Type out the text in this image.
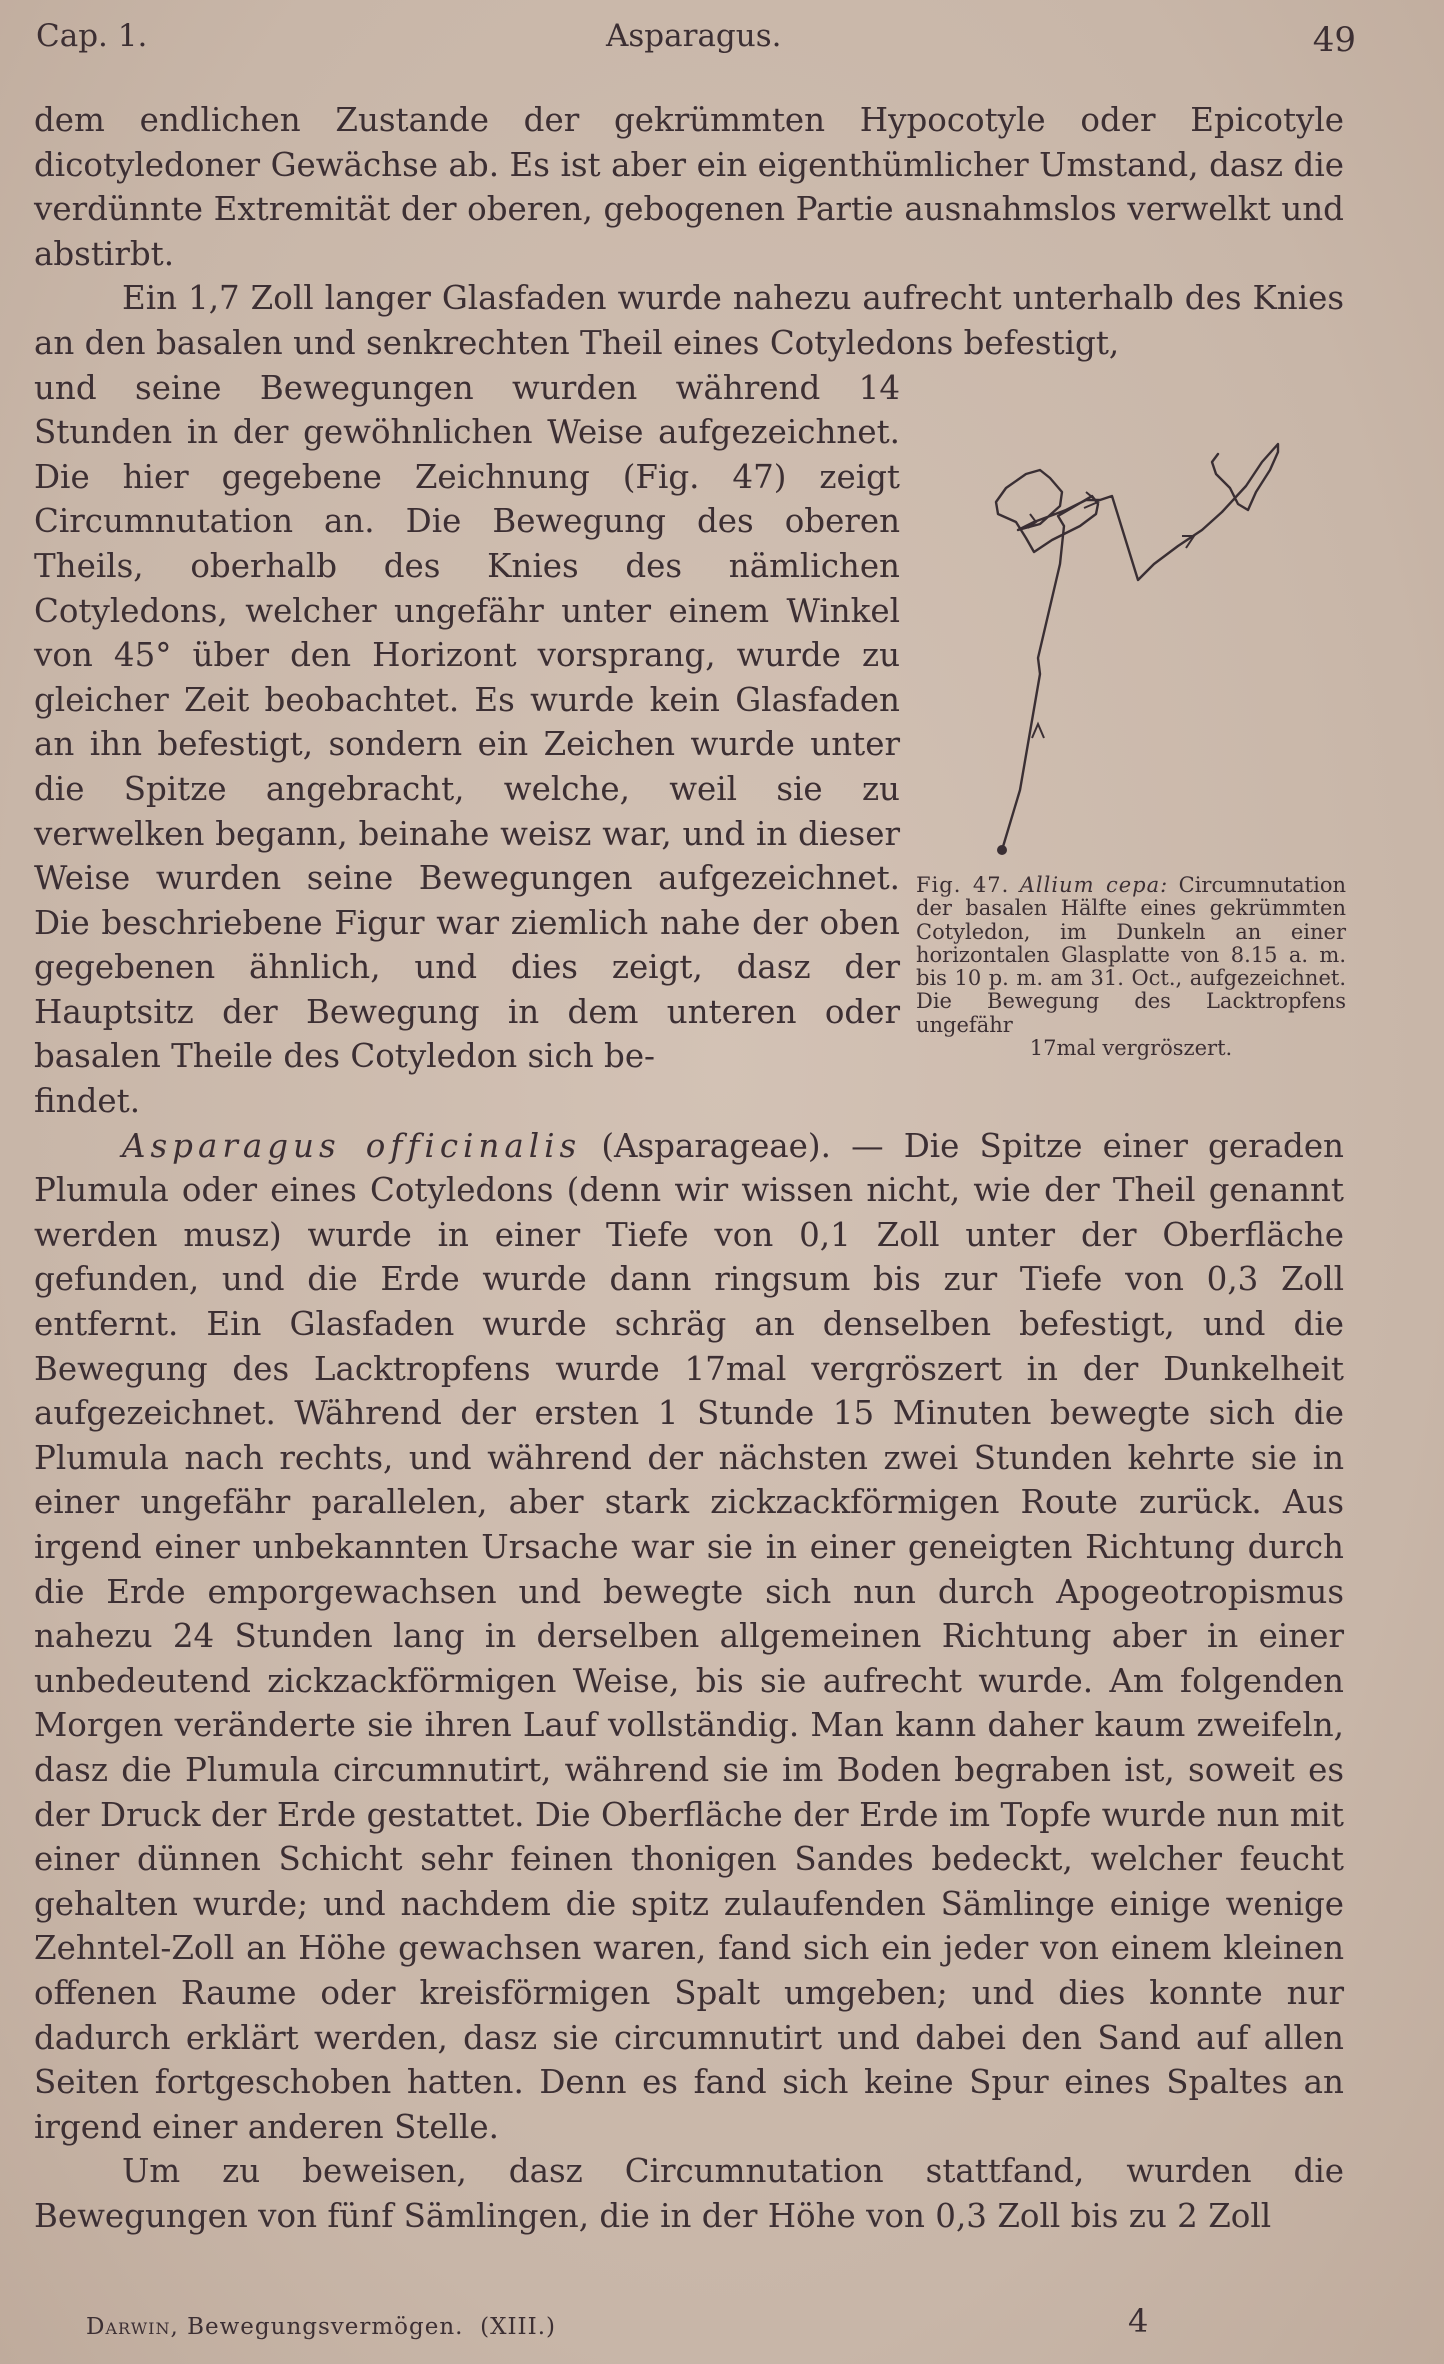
Cap. 1.	Asparagus.	49

dem endlichen Zustande der gekrümmten Hypocotyle oder Epicotyle dicotyledoner Gewächse ab. Es ist aber ein eigenthümlicher Umstand, dasz die verdünnte Extremität der oberen, gebogenen Partie ausnahmslos verwelkt und abstirbt.

Ein 1,7 Zoll langer Glasfaden wurde nahezu aufrecht unterhalb des Knies an den basalen und senkrechten Theil eines Cotyledons befestigt,

und seine Bewegungen wurden während 14 Stunden in der gewöhnlichen Weise aufgezeichnet. Die hier gegebene Zeichnung (Fig. 47) zeigt Circumnutation an. Die Bewegung des oberen Theils, oberhalb des Knies des nämlichen Cotyledons, welcher ungefähr unter einem Winkel von 45° über den Horizont vorsprang, wurde zu gleicher Zeit beobachtet. Es wurde kein Glasfaden an ihn befestigt, sondern ein Zeichen wurde unter die Spitze angebracht, welche, weil sie zu verwelken begann, beinahe weisz war, und in dieser Weise wurden seine Bewegungen aufgezeichnet. Die beschriebene Figur war ziemlich nahe der oben gegebenen ähnlich, und dies zeigt, dasz der Hauptsitz der Bewegung in dem unteren oder basalen Theile des Cotyledon sich be-

findet.

Asparagus officinalis (Asparageae). — Die Spitze einer geraden Plumula oder eines Cotyledons (denn wir wissen nicht, wie der Theil genannt werden musz) wurde in einer Tiefe von 0,1 Zoll unter der Oberfläche gefunden, und die Erde wurde dann ringsum bis zur Tiefe von 0,3 Zoll entfernt. Ein Glasfaden wurde schräg an denselben befestigt, und die Bewegung des Lacktropfens wurde 17mal vergröszert in der Dunkelheit aufgezeichnet. Während der ersten 1 Stunde 15 Minuten bewegte sich die Plumula nach rechts, und während der nächsten zwei Stunden kehrte sie in einer ungefähr parallelen, aber stark zickzackförmigen Route zurück. Aus irgend einer unbekannten Ursache war sie in einer geneigten Richtung durch die Erde emporgewachsen und bewegte sich nun durch Apogeotropismus nahezu 24 Stunden lang in derselben allgemeinen Richtung aber in einer unbedeutend zickzackförmigen Weise, bis sie aufrecht wurde. Am folgenden Morgen veränderte sie ihren Lauf vollständig. Man kann daher kaum zweifeln, dasz die Plumula circumnutirt, während sie im Boden begraben ist, soweit es der Druck der Erde gestattet. Die Oberfläche der Erde im Topfe wurde nun mit einer dünnen Schicht sehr feinen thonigen Sandes bedeckt, welcher feucht gehalten wurde; und nachdem die spitz zulaufenden Sämlinge einige wenige Zehntel-Zoll an Höhe gewachsen waren, fand sich ein jeder von einem kleinen offenen Raume oder kreisförmigen Spalt umgeben; und dies konnte nur dadurch erklärt werden, dasz sie circumnutirt und dabei den Sand auf allen Seiten fortgeschoben hatten. Denn es fand sich keine Spur eines Spaltes an irgend einer anderen Stelle.

Um zu beweisen, dasz Circumnutation stattfand, wurden die Bewegungen von fünf Sämlingen, die in der Höhe von 0,3 Zoll bis zu 2 Zoll

Fig. 47. Allium cepa: Circumnutation der basalen Hälfte eines gekrümmten Cotyledon, im Dunkeln an einer horizontalen Glasplatte von 8.15 a. m. bis 10 p. m. am 31. Oct., aufgezeichnet. Die Bewegung des Lacktropfens ungefähr
17mal vergröszert.
Darwin, Bewegungsvermögen. (XIII.)	4
